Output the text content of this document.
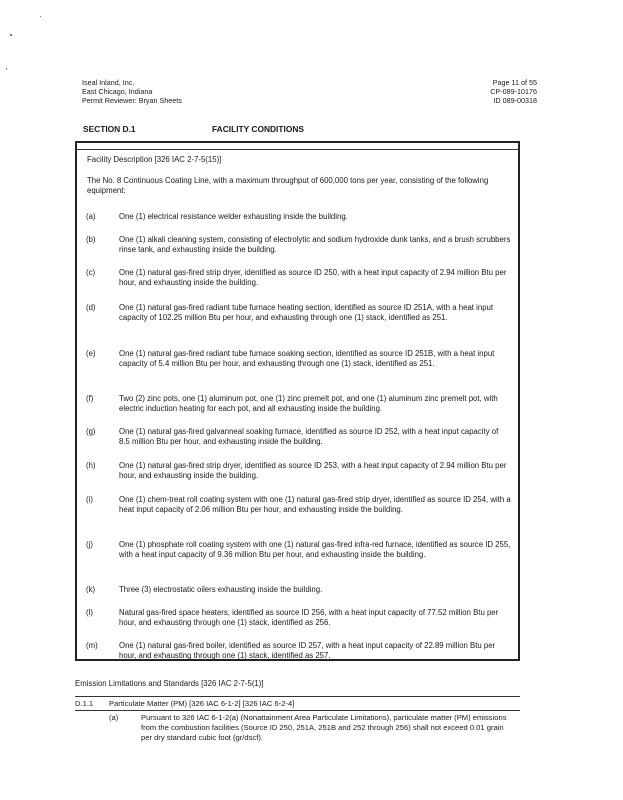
Iseal Inland, Inc.
East Chicago, Indiana
Permit Reviewer: Bryan Sheets
Page 11 of 55
CP-089-10176
ID 089-00318
SECTION D.1	FACILITY CONDITIONS
Facility Description [326 IAC 2-7-5(15)]
The No. 8 Continuous Coating Line, with a maximum throughput of 600,000 tons per year, consisting of the following equipment:
(a)	One (1) electrical resistance welder exhausting inside the building.
(b)	One (1) alkali cleaning system, consisting of electrolytic and sodium hydroxide dunk tanks, and a brush scrubbers rinse tank, and exhausting inside the building.
(c)	One (1) natural gas-fired strip dryer, identified as source ID 250, with a heat input capacity of 2.94 million Btu per hour, and exhausting inside the building.
(d)	One (1) natural gas-fired radiant tube furnace heating section, identified as source ID 251A, with a heat input capacity of 102.25 million Btu per hour, and exhausting through one (1) stack, identified as 251.
(e)	One (1) natural gas-fired radiant tube furnace soaking section, identified as source ID 251B, with a heat input capacity of 5.4 million Btu per hour, and exhausting through one (1) stack, identified as 251.
(f)	Two (2) zinc pots, one (1) aluminum pot, one (1) zinc premelt pot, and one (1) aluminum zinc premelt pot, with electric induction heating for each pot, and all exhausting inside the building.
(g)	One (1) natural gas-fired galvanneal soaking furnace, identified as source ID 252, with a heat input capacity of 8.5 million Btu per hour, and exhausting inside the building.
(h)	One (1) natural gas-fired strip dryer, identified as source ID 253, with a heat input capacity of 2.94 million Btu per hour, and exhausting inside the building.
(i)	One (1) chem-treat roll coating system with one (1) natural gas-fired strip dryer, identified as source ID 254, with a heat input capacity of 2.06 million Btu per hour, and exhausting inside the building.
(j)	One (1) phosphate roll coating system with one (1) natural gas-fired infra-red furnace, identified as source ID 255, with a heat input capacity of 9.36 million Btu per hour, and exhausting inside the building.
(k)	Three (3) electrostatic oilers exhausting inside the building.
(l)	Natural gas-fired space heaters, identified as source ID 256, with a heat input capacity of 77.52 million Btu per hour, and exhausting through one (1) stack, identified as 256.
(m)	One (1) natural gas-fired boiler, identified as source ID 257, with a heat input capacity of 22.89 million Btu per hour, and exhausting through one (1) stack, identified as 257.
Emission Limitations and Standards [326 IAC 2-7-5(1)]
D.1.1 Particulate Matter (PM) [326 IAC 6-1-2] [326 IAC 6-2-4]
(a)	Pursuant to 326 IAC 6-1-2(a) (Nonattainment Area Particulate Limitations), particulate matter (PM) emissions from the combustion facilities (Source ID 250, 251A, 251B and 252 through 256) shall not exceed 0.01 grain per dry standard cubic foot (gr/dscf).
